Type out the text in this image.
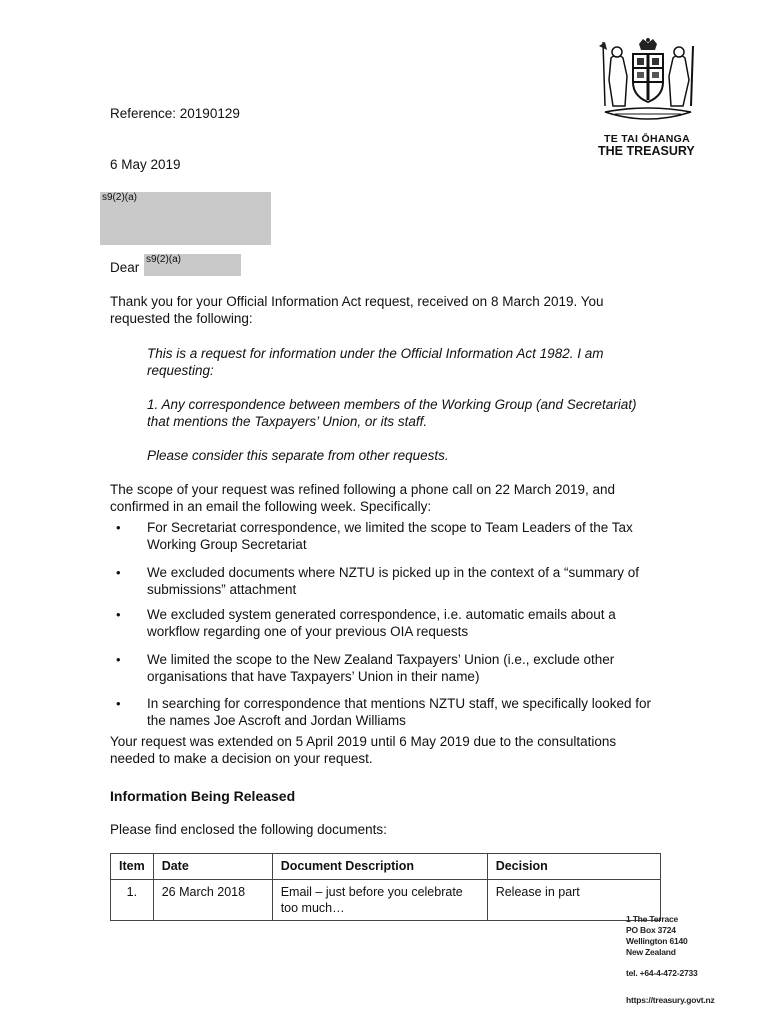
TE TAI ŌHANGA
THE TREASURY
Reference: 20190129
6 May 2019
s9(2)(a)
Dear
s9(2)(a)

Thank you for your Official Information Act request, received on 8 March 2019. You requested the following:

This is a request for information under the Official Information Act 1982. I am requesting:

1. Any correspondence between members of the Working Group (and Secretariat) that mentions the Taxpayers’ Union, or its staff.

Please consider this separate from other requests.

The scope of your request was refined following a phone call on 22 March 2019, and confirmed in an email the following week. Specifically:

• For Secretariat correspondence, we limited the scope to Team Leaders of the Tax Working Group Secretariat
• We excluded documents where NZTU is picked up in the context of a “summary of submissions” attachment
• We excluded system generated correspondence, i.e. automatic emails about a workflow regarding one of your previous OIA requests
• We limited the scope to the New Zealand Taxpayers’ Union (i.e., exclude other organisations that have Taxpayers’ Union in their name)
• In searching for correspondence that mentions NZTU staff, we specifically looked for the names Joe Ascroft and Jordan Williams

Your request was extended on 5 April 2019 until 6 May 2019 due to the consultations needed to make a decision on your request.

Information Being Released

Please find enclosed the following documents:

Item	Date	Document Description	Decision
1.	26 March 2018	Email – just before you celebrate too much…	Release in part
1 The Terrace
PO Box 3724
Wellington 6140
New Zealand
tel. +64-4-472-2733
https://treasury.govt.nz
